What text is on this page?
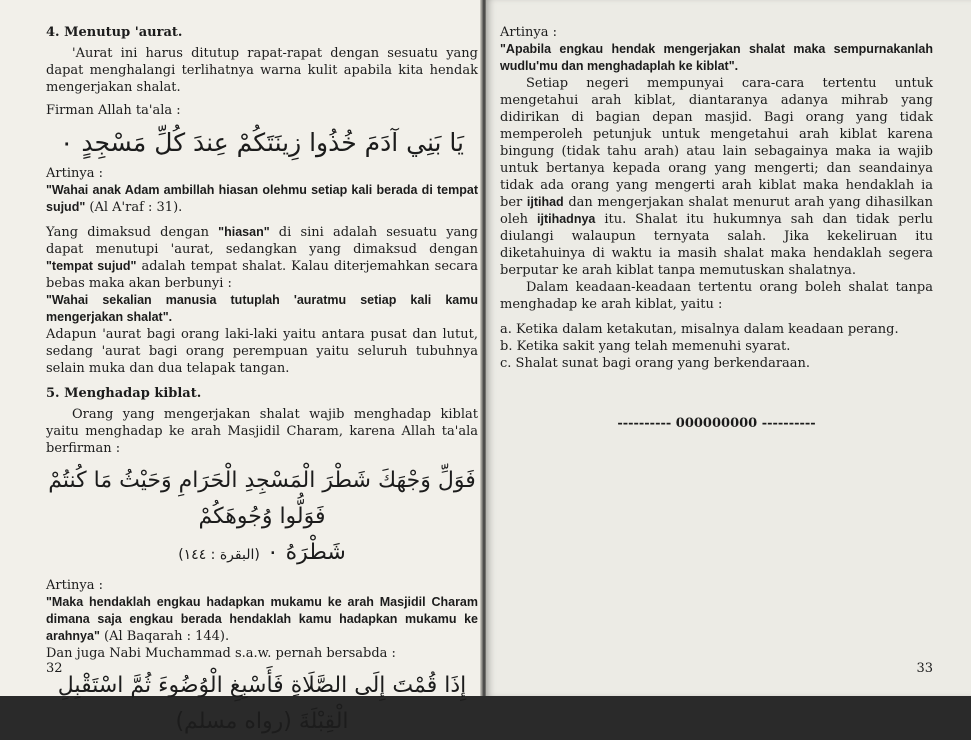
4. Menutup 'aurat.

'Aurat ini harus ditutup rapat-rapat dengan sesuatu yang dapat menghalangi terlihatnya warna kulit apabila kita hendak mengerjakan shalat.

Firman Allah ta'ala :

يَا بَنِي آدَمَ خُذُوا زِينَتَكُمْ عِندَ كُلِّ مَسْجِدٍ ٠

Artinya :

"Wahai anak Adam ambillah hiasan olehmu setiap kali berada di tempat sujud" (Al A'raf : 31).

Yang dimaksud dengan "hiasan" di sini adalah sesuatu yang dapat menutupi 'aurat, sedangkan yang dimaksud dengan "tempat sujud" adalah tempat shalat. Kalau diterjemahkan secara bebas maka akan berbunyi :

"Wahai sekalian manusia tutuplah 'auratmu setiap kali kamu mengerjakan shalat".

Adapun 'aurat bagi orang laki-laki yaitu antara pusat dan lutut, sedang 'aurat bagi orang perempuan yaitu seluruh tubuhnya selain muka dan dua telapak tangan.

5. Menghadap kiblat.

Orang yang mengerjakan shalat wajib menghadap kiblat yaitu menghadap ke arah Masjidil Charam, karena Allah ta'ala berfirman :

فَوَلِّ وَجْهَكَ شَطْرَ الْمَسْجِدِ الْحَرَامِ وَحَيْثُ مَا كُنتُمْ فَوَلُّوا وُجُوهَكُمْ
شَطْرَهُ ٠ (البقرة : ١٤٤)

Artinya :

"Maka hendaklah engkau hadapkan mukamu ke arah Masjidil Charam dimana saja engkau berada hendaklah kamu hadapkan mukamu ke arahnya" (Al Baqarah : 144).

Dan juga Nabi Muchammad s.a.w. pernah bersabda :

إِذَا قُمْتَ إِلَى الصَّلَاةِ فَأَسْبِغِ الْوُضُوءَ ثُمَّ اسْتَقْبِلِ الْقِبْلَةَ (رواه مسلم)
32

Artinya :

"Apabila engkau hendak mengerjakan shalat maka sempurnakanlah wudlu'mu dan menghadaplah ke kiblat".

Setiap negeri mempunyai cara-cara tertentu untuk mengetahui arah kiblat, diantaranya adanya mihrab yang didirikan di bagian depan masjid. Bagi orang yang tidak memperoleh petunjuk untuk mengetahui arah kiblat karena bingung (tidak tahu arah) atau lain sebagainya maka ia wajib untuk bertanya kepada orang yang mengerti; dan seandainya tidak ada orang yang mengerti arah kiblat maka hendaklah ia ber ijtihad dan mengerjakan shalat menurut arah yang dihasilkan oleh ijtihadnya itu. Shalat itu hukumnya sah dan tidak perlu diulangi walaupun ternyata salah. Jika kekeliruan itu diketahuinya di waktu ia masih shalat maka hendaklah segera berputar ke arah kiblat tanpa memutuskan shalatnya.

Dalam keadaan-keadaan tertentu orang boleh shalat tanpa menghadap ke arah kiblat, yaitu :

a. Ketika dalam ketakutan, misalnya dalam keadaan perang.

b. Ketika sakit yang telah memenuhi syarat.

c. Shalat sunat bagi orang yang berkendaraan.

---------- 000000000 ----------
33
